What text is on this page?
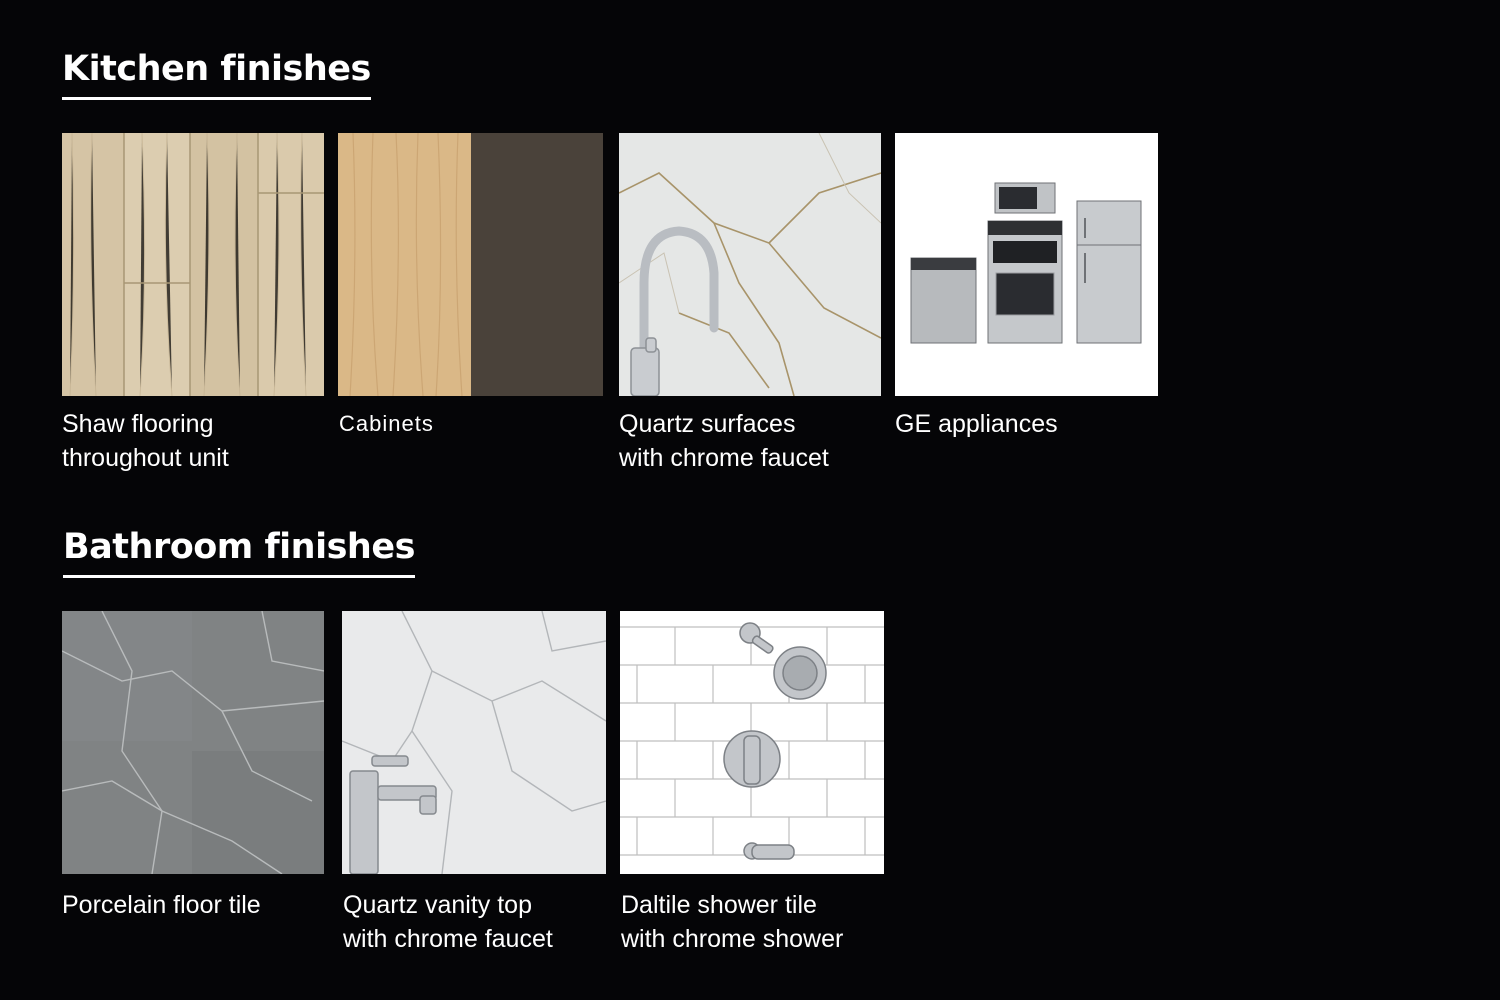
Kitchen finishes
Shaw flooring
throughout unit
Cabinets	Quartz surfaces
with chrome faucet
GE appliances
Bathroom finishes
Porcelain floor tile	Quartz vanity top
with chrome faucet
Daltile shower tile
with chrome shower
